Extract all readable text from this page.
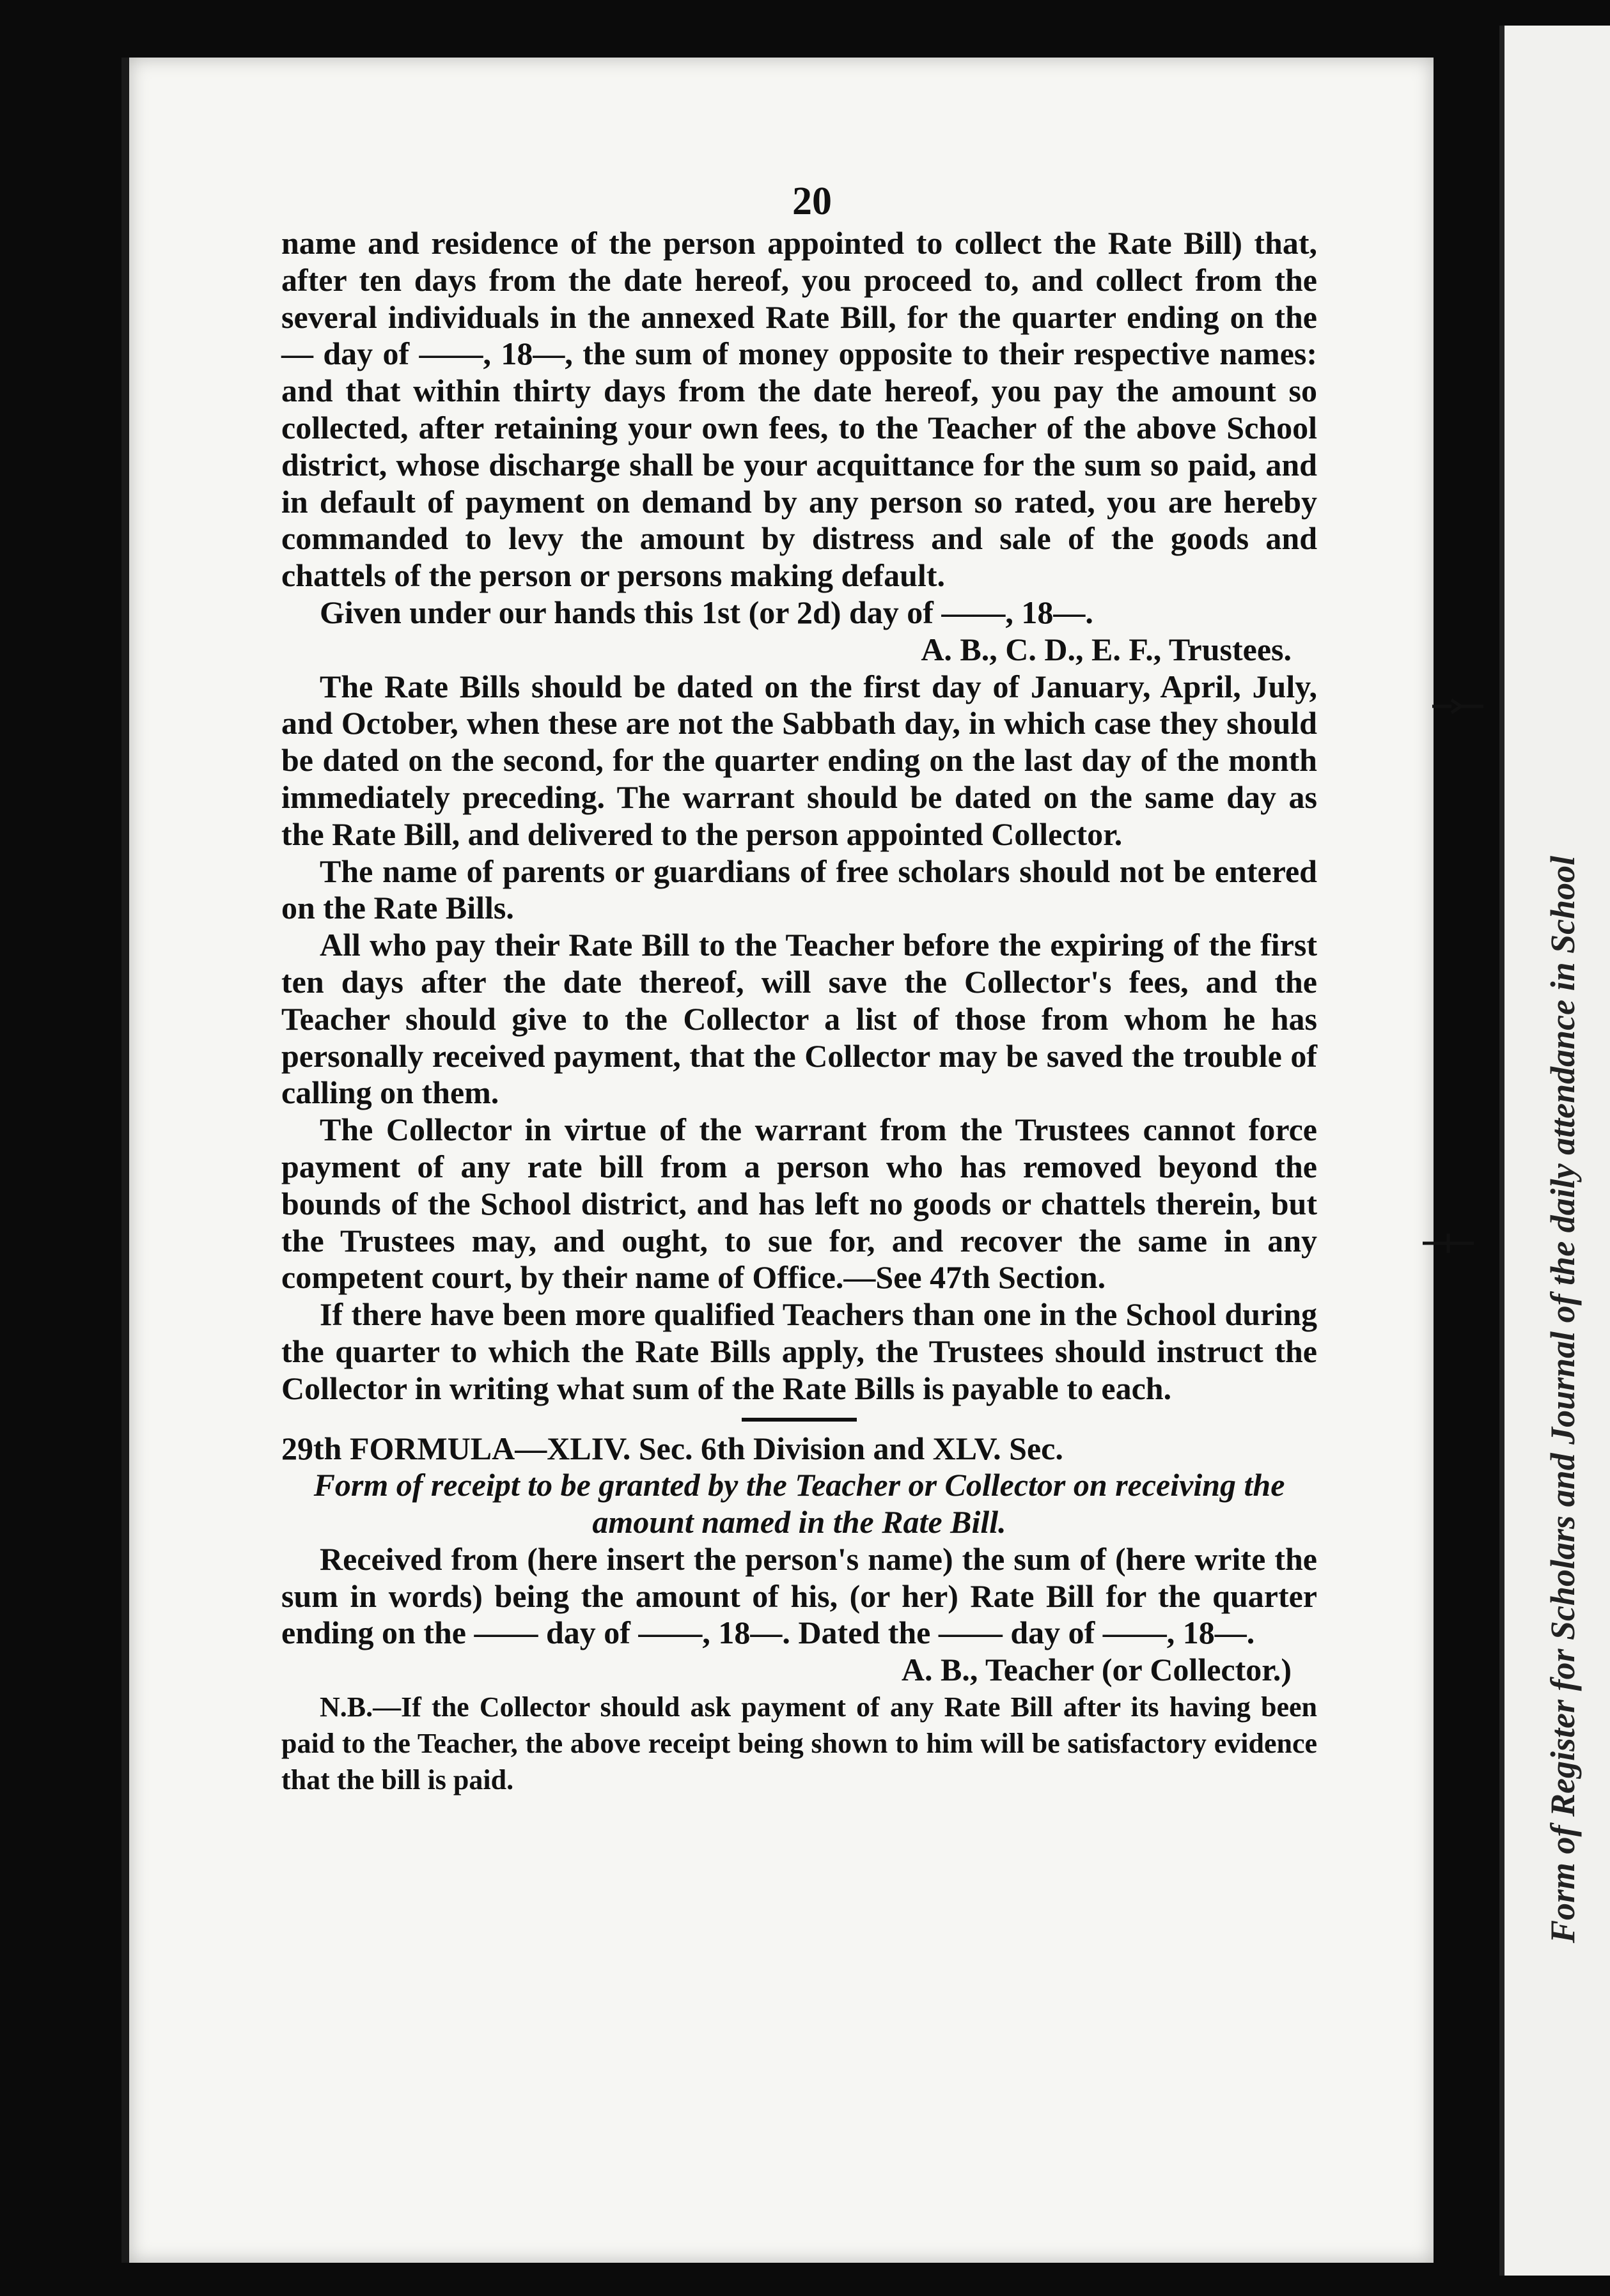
Form of Register for Scholars and Journal of the daily attendance in School
20

name and residence of the person appointed to collect the Rate Bill) that, after ten days from the date hereof, you proceed to, and collect from the several individuals in the annexed Rate Bill, for the quarter ending on the — day of ——, 18—, the sum of money opposite to their respective names: and that within thirty days from the date hereof, you pay the amount so collected, after retaining your own fees, to the Teacher of the above School district, whose discharge shall be your acquittance for the sum so paid, and in default of payment on demand by any person so rated, you are hereby commanded to levy the amount by distress and sale of the goods and chattels of the person or persons making default.

Given under our hands this 1st (or 2d) day of ——, 18—.

A. B., C. D., E. F., Trustees.

The Rate Bills should be dated on the first day of January, April, July, and October, when these are not the Sabbath day, in which case they should be dated on the second, for the quarter ending on the last day of the month immediately preceding. The warrant should be dated on the same day as the Rate Bill, and delivered to the person appointed Collector.

The name of parents or guardians of free scholars should not be entered on the Rate Bills.

All who pay their Rate Bill to the Teacher before the expiring of the first ten days after the date thereof, will save the Collector's fees, and the Teacher should give to the Collector a list of those from whom he has personally received payment, that the Collector may be saved the trouble of calling on them.

The Collector in virtue of the warrant from the Trustees cannot force payment of any rate bill from a person who has removed beyond the bounds of the School district, and has left no goods or chattels therein, but the Trustees may, and ought, to sue for, and recover the same in any competent court, by their name of Office.—See 47th Section.

If there have been more qualified Teachers than one in the School during the quarter to which the Rate Bills apply, the Trustees should instruct the Collector in writing what sum of the Rate Bills is payable to each.

29th FORMULA—XLIV. Sec. 6th Division and XLV. Sec.

Form of receipt to be granted by the Teacher or Collector on receiving the amount named in the Rate Bill.

Received from (here insert the person's name) the sum of (here write the sum in words) being the amount of his, (or her) Rate Bill for the quarter ending on the —— day of ——, 18—. Dated the —— day of ——, 18—.

A. B., Teacher (or Collector.)

N.B.—If the Collector should ask payment of any Rate Bill after its having been paid to the Teacher, the above receipt being shown to him will be satisfactory evidence that the bill is paid.
